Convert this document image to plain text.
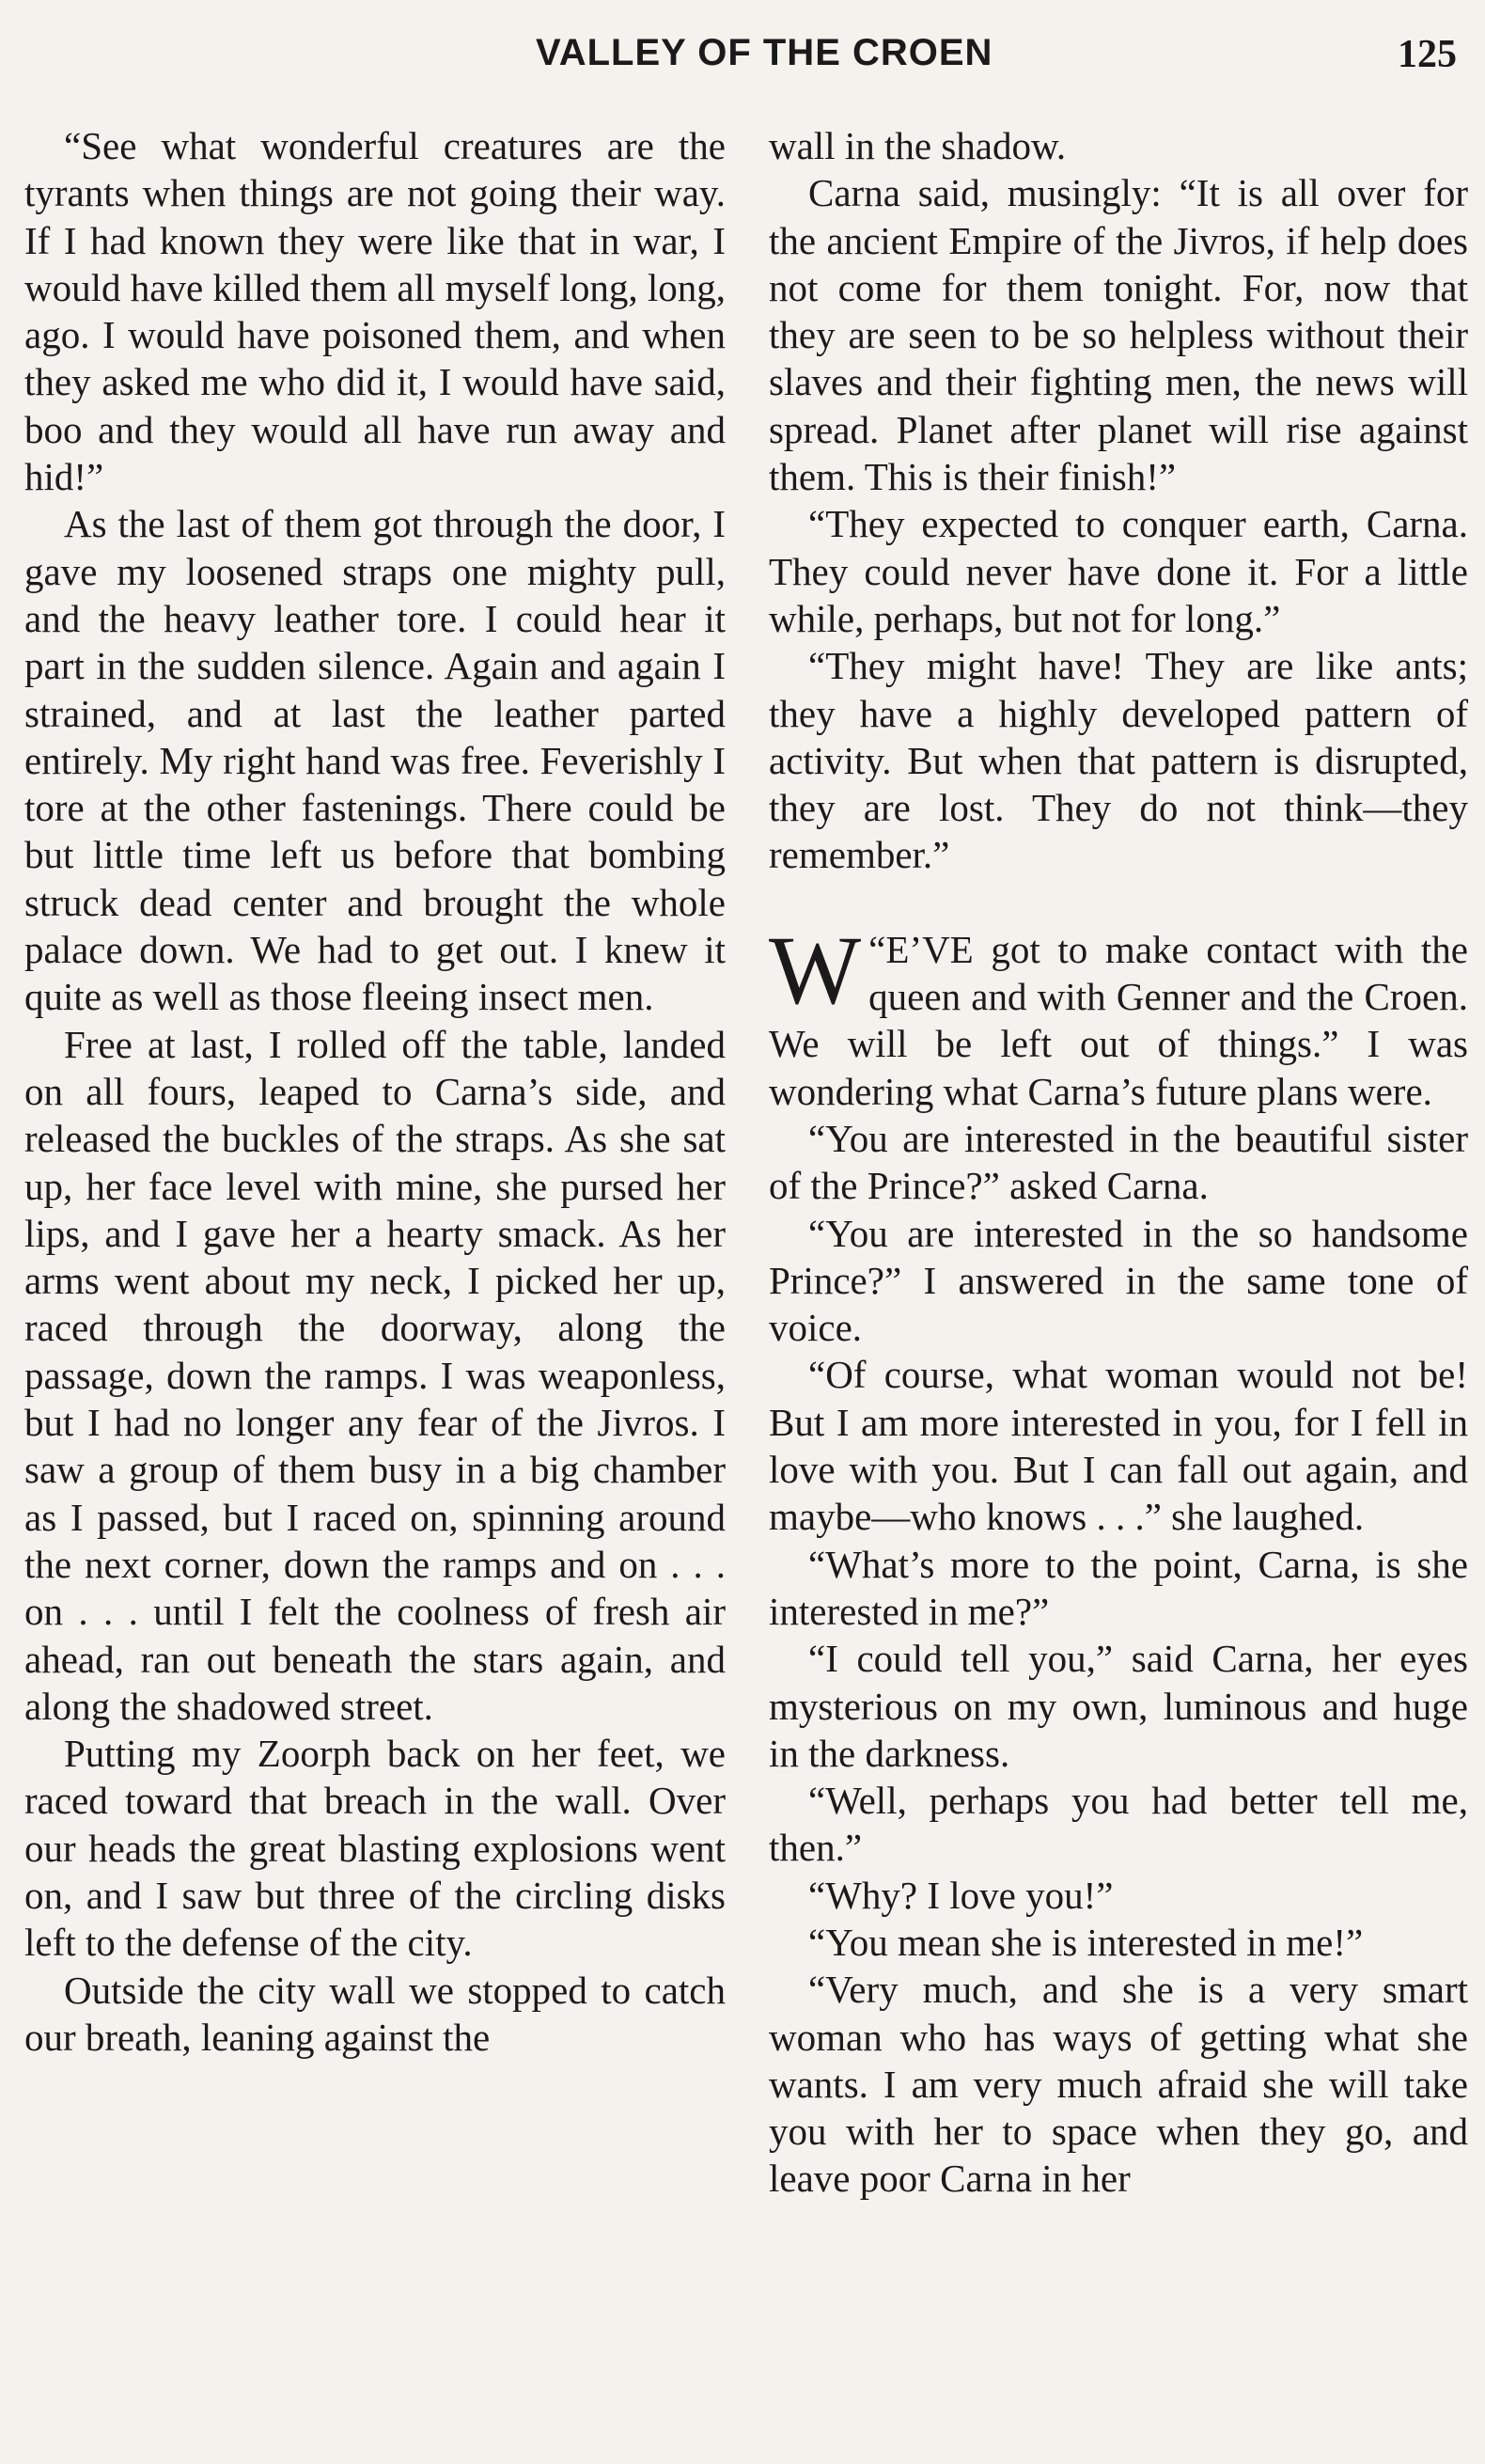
VALLEY OF THE CROEN	125

“See what wonderful creatures are the tyrants when things are not going their way. If I had known they were like that in war, I would have killed them all myself long, long, ago. I would have poisoned them, and when they asked me who did it, I would have said, boo and they would all have run away and hid!”

As the last of them got through the door, I gave my loosened straps one mighty pull, and the heavy leather tore. I could hear it part in the sudden silence. Again and again I strained, and at last the leather parted entirely. My right hand was free. Feverishly I tore at the other fastenings. There could be but little time left us before that bombing struck dead center and brought the whole palace down. We had to get out. I knew it quite as well as those fleeing insect men.

Free at last, I rolled off the table, landed on all fours, leaped to Carna’s side, and released the buckles of the straps. As she sat up, her face level with mine, she pursed her lips, and I gave her a hearty smack. As her arms went about my neck, I picked her up, raced through the doorway, along the passage, down the ramps. I was weaponless, but I had no longer any fear of the Jivros. I saw a group of them busy in a big chamber as I passed, but I raced on, spinning around the next corner, down the ramps and on . . . on . . . until I felt the coolness of fresh air ahead, ran out beneath the stars again, and along the shadowed street.

Putting my Zoorph back on her feet, we raced toward that breach in the wall. Over our heads the great blasting explosions went on, and I saw but three of the circling disks left to the defense of the city.

Outside the city wall we stopped to catch our breath, leaning against the

wall in the shadow.

Carna said, musingly: “It is all over for the ancient Empire of the Jivros, if help does not come for them tonight. For, now that they are seen to be so helpless without their slaves and their fighting men, the news will spread. Planet after planet will rise against them. This is their finish!”

“They expected to conquer earth, Carna. They could never have done it. For a little while, perhaps, but not for long.”

“They might have! They are like ants; they have a highly developed pattern of activity. But when that pattern is disrupted, they are lost. They do not think—they remember.”

“
W E’VE got to make contact with the queen and with Genner and the Croen. We will be left out of things.” I was wondering what Carna’s future plans were.

“You are interested in the beautiful sister of the Prince?” asked Carna.

“You are interested in the so handsome Prince?” I answered in the same tone of voice.

“Of course, what woman would not be! But I am more interested in you, for I fell in love with you. But I can fall out again, and maybe—who knows . . .” she laughed.

“What’s more to the point, Carna, is she interested in me?”

“I could tell you,” said Carna, her eyes mysterious on my own, luminous and huge in the darkness.

“Well, perhaps you had better tell me, then.”

“Why? I love you!”

“You mean she is interested in me!”

“Very much, and she is a very smart woman who has ways of getting what she wants. I am very much afraid she will take you with her to space when they go, and leave poor Carna in her
